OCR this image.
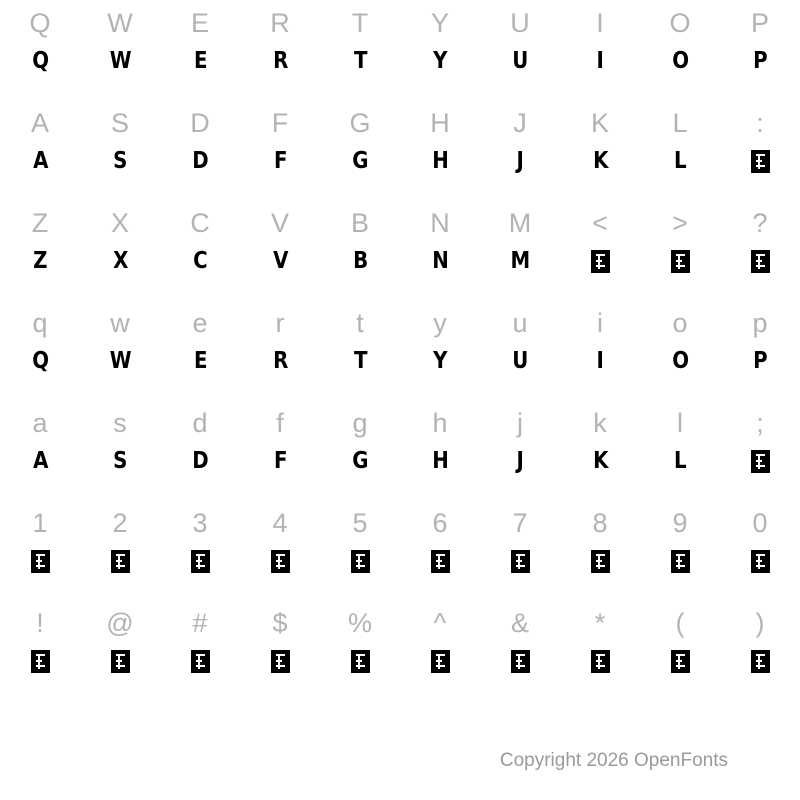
Q
Q
W
W
E
E
R
R
T
T
Y
Y
U
U
I
I
O
O
P
P
A
A
S
S
D
D
F
F
G
G
H
H
J
J
K
K
L
L
:
Z
Z
X
X
C
C
V
V
B
B
N
N
M
M
< > ?
q
Q
w
W
e
E
r
R
t
T
y
Y
u
U
i
I
o
O
p
P
a
A
s
S
d
D
f
F
g
G
h
H
j
J
k
K
l
L
;
1 2 3 4 5 6 7 8 9 0
! @ # $ % ^ & *	(	)
Copyright 2026 OpenFonts
